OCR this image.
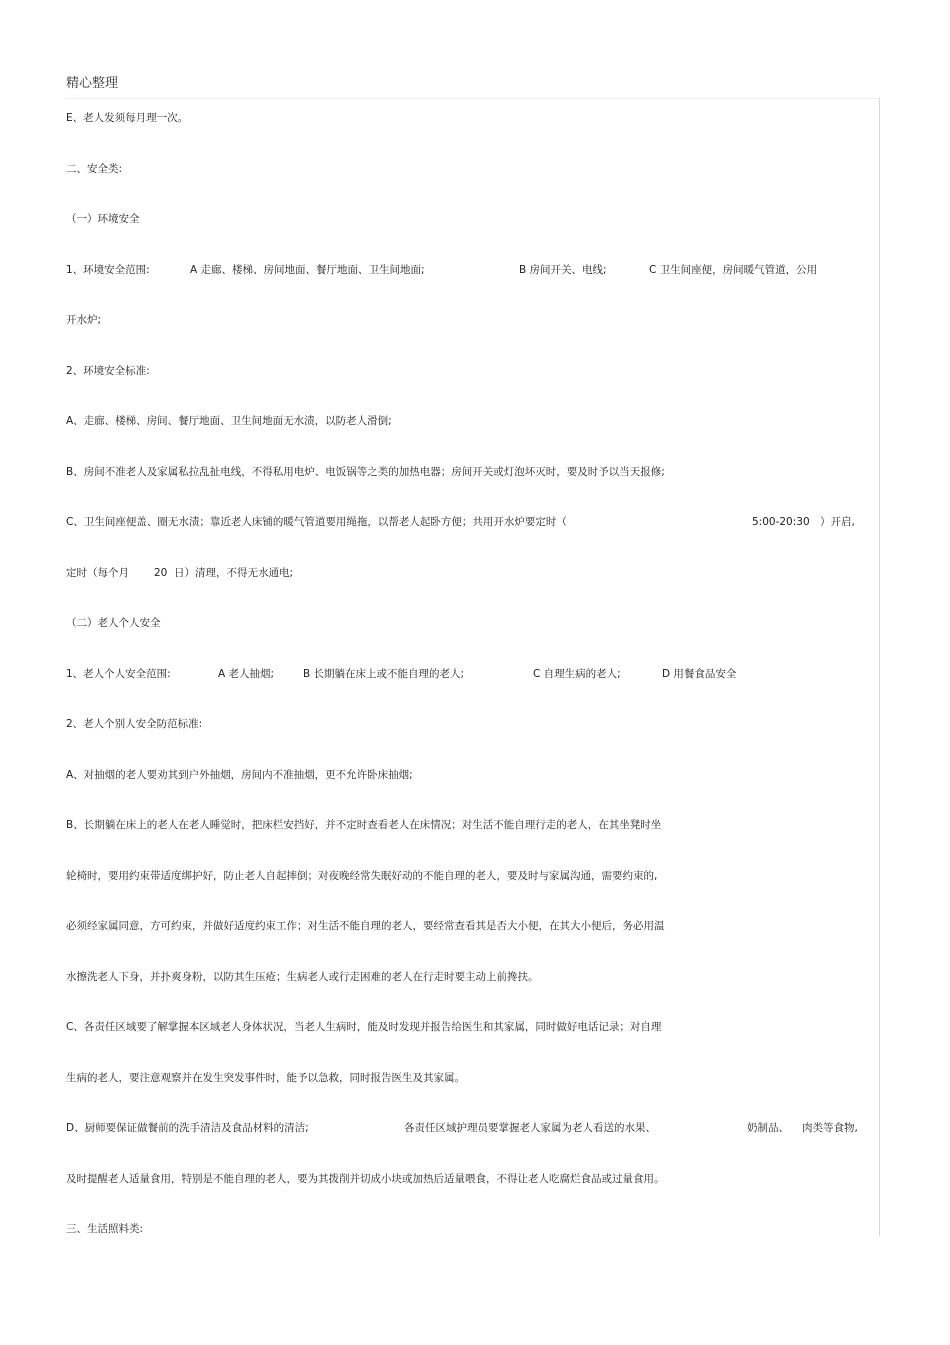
精心整理
E、老人发须每月理一次。
二、安全类:
（一）环境安全
1、环境安全范围:	A 走廊、楼梯、房间地面、餐厅地面、卫生间地面;	B 房间开关、电线;	C 卫生间座便，房间暖气管道，公用
开水炉;
2、环境安全标准:
A、走廊、楼梯、房间、餐厅地面、卫生间地面无水渍，以防老人滑倒;
B、房间不准老人及家属私拉乱扯电线，不得私用电炉、电饭锅等之类的加热电器；房间开关或灯泡坏灭时，要及时予以当天报修;
C、卫生间座便盖、圈无水渍；靠近老人床铺的暖气管道要用绳拖，以帮老人起卧方便；共用开水炉要定时（	5:00-20:30 ）开启,
定时（每个月 20 日）清理，不得无水通电;
（二）老人个人安全
1、老人个人安全范围:	A 老人抽烟;	B 长期躺在床上或不能自理的老人;	C 自理生病的老人;	D 用餐食品安全
2、老人个别人安全防范标准:
A、对抽烟的老人要劝其到户外抽烟，房间内不准抽烟，更不允许卧床抽烟;
B、长期躺在床上的老人在老人睡觉时，把床栏安挡好，并不定时查看老人在床情况；对生活不能自理行走的老人，在其坐凳时坐
轮椅时，要用约束带适度绑护好，防止老人自起摔倒；对夜晚经常失眠好动的不能自理的老人，要及时与家属沟通，需要约束的,
必须经家属同意，方可约束，并做好适度约束工作；对生活不能自理的老人，要经常查看其是否大小便，在其大小便后，务必用温
水擦洗老人下身，并扑爽身粉，以防其生压疮；生病老人或行走困难的老人在行走时要主动上前搀扶。
C、各责任区域要了解掌握本区域老人身体状况，当老人生病时，能及时发现并报告给医生和其家属，同时做好电话记录；对自理
生病的老人，要注意观察并在发生突发事件时，能予以急救，同时报告医生及其家属。
D、厨师要保证做餐前的洗手清洁及食品材料的清洁;	各责任区域护理员要掌握老人家属为老人看送的水果、	奶制品、 肉类等食物,
及时提醒老人适量食用，特别是不能自理的老人，要为其拨削并切成小块或加热后适量喂食，不得让老人吃腐烂食品或过量食用。
三、生活照料类:
